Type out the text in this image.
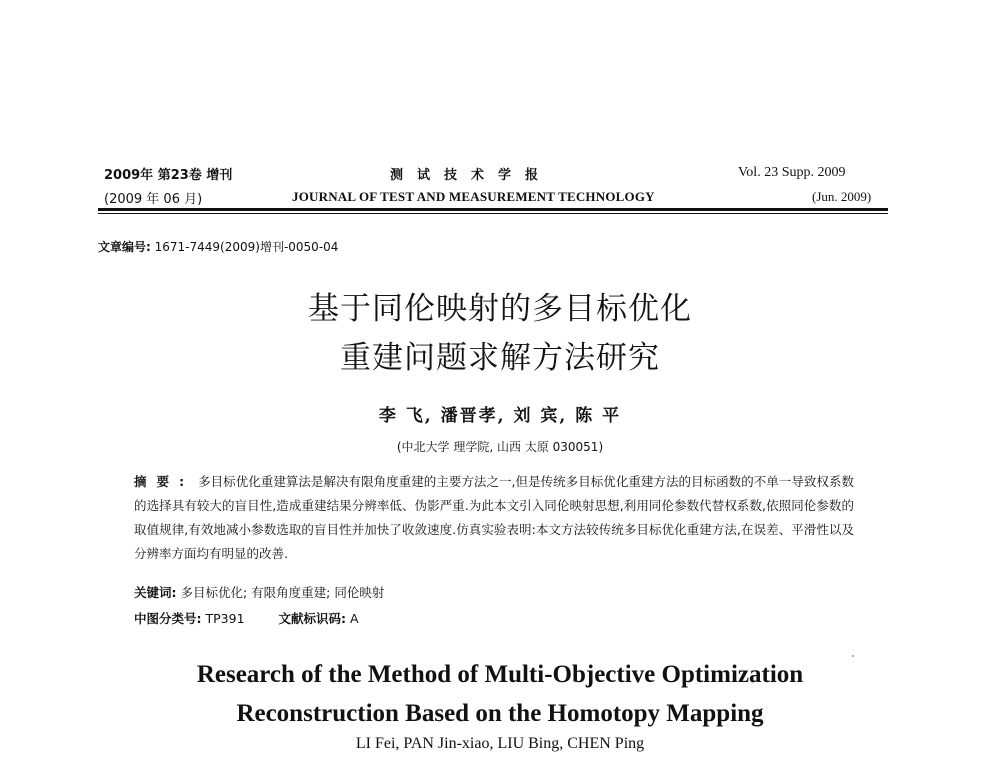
2009年 第23卷 增刊
(2009 年 06 月)
测试技术学报
JOURNAL OF TEST AND MEASUREMENT TECHNOLOGY
Vol. 23 Supp. 2009
(Jun. 2009)
文章编号: 1671-7449(2009)增刊-0050-04
基于同伦映射的多目标优化
重建问题求解方法研究
李 飞, 潘晋孝, 刘 宾, 陈 平
(中北大学 理学院, 山西 太原 030051)
摘要: 多目标优化重建算法是解决有限角度重建的主要方法之一,但是传统多目标优化重建方法的目标函数的不单一导致权系数的选择具有较大的盲目性,造成重建结果分辨率低、伪影严重.为此本文引入同伦映射思想,利用同伦参数代替权系数,依照同伦参数的取值规律,有效地减小参数选取的盲目性并加快了收敛速度.仿真实验表明:本文方法较传统多目标优化重建方法,在误差、平滑性以及分辨率方面均有明显的改善.
关键词: 多目标优化; 有限角度重建; 同伦映射
中图分类号: TP391	文献标识码: A
Research of the Method of Multi-Objective Optimization
Reconstruction Based on the Homotopy Mapping
LI Fei, PAN Jin-xiao, LIU Bing, CHEN Ping
